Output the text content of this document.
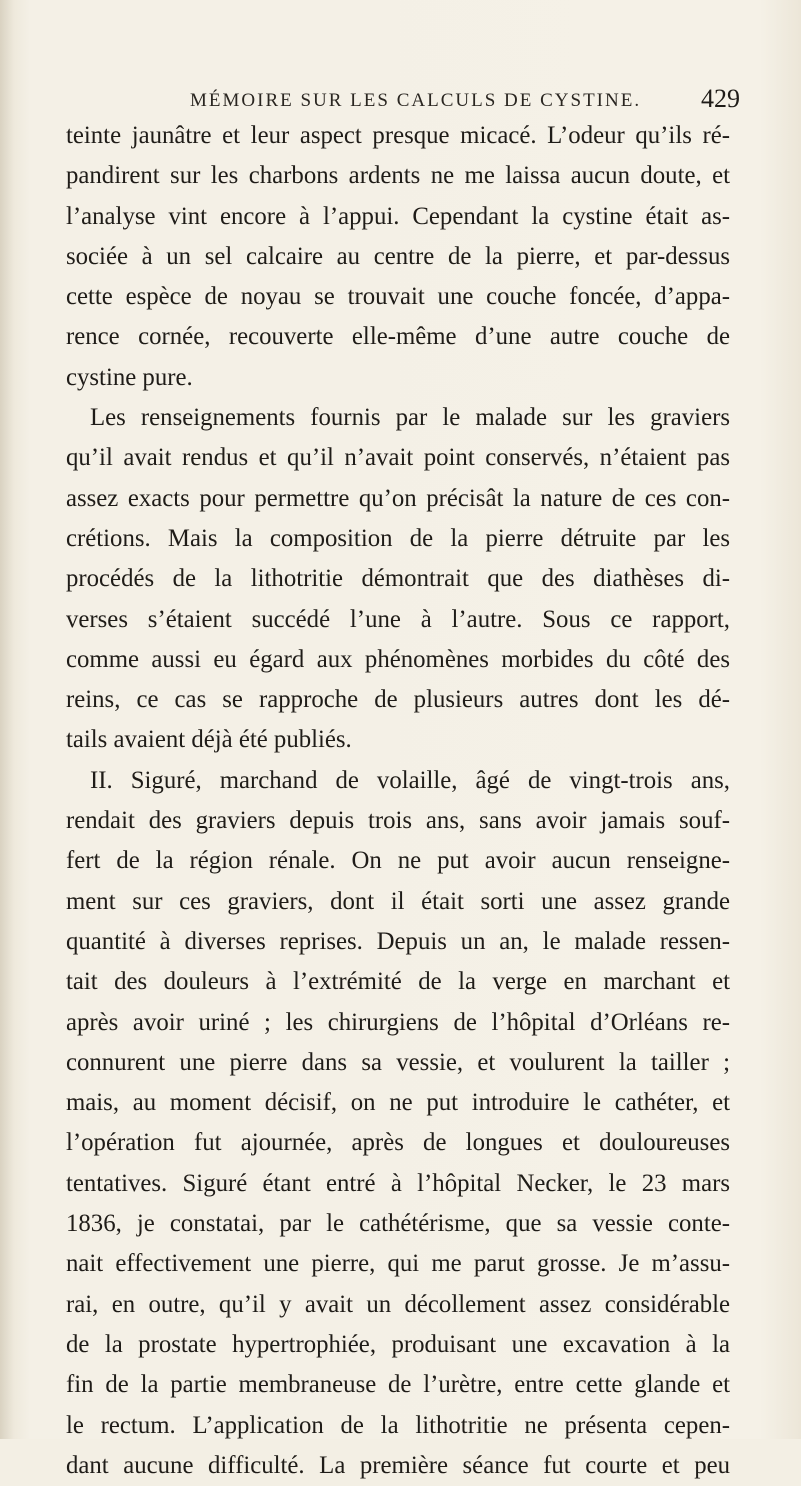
MÉMOIRE SUR LES CALCULS DE CYSTINE. 429
teinte jaunâtre et leur aspect presque micacé. L’odeur qu’ils ré-
pandirent sur les charbons ardents ne me laissa aucun doute, et
l’analyse vint encore à l’appui. Cependant la cystine était as-
sociée à un sel calcaire au centre de la pierre, et par-dessus
cette espèce de noyau se trouvait une couche foncée, d’appa-
rence cornée, recouverte elle-même d’une autre couche de
cystine pure.
Les renseignements fournis par le malade sur les graviers
qu’il avait rendus et qu’il n’avait point conservés, n’étaient pas
assez exacts pour permettre qu’on précisât la nature de ces con-
crétions. Mais la composition de la pierre détruite par les
procédés de la lithotritie démontrait que des diathèses di-
verses s’étaient succédé l’une à l’autre. Sous ce rapport,
comme aussi eu égard aux phénomènes morbides du côté des
reins, ce cas se rapproche de plusieurs autres dont les dé-
tails avaient déjà été publiés.
II. Siguré, marchand de volaille, âgé de vingt-trois ans,
rendait des graviers depuis trois ans, sans avoir jamais souf-
fert de la région rénale. On ne put avoir aucun renseigne-
ment sur ces graviers, dont il était sorti une assez grande
quantité à diverses reprises. Depuis un an, le malade ressen-
tait des douleurs à l’extrémité de la verge en marchant et
après avoir uriné ; les chirurgiens de l’hôpital d’Orléans re-
connurent une pierre dans sa vessie, et voulurent la tailler ;
mais, au moment décisif, on ne put introduire le cathéter, et
l’opération fut ajournée, après de longues et douloureuses
tentatives. Siguré étant entré à l’hôpital Necker, le 23 mars
1836, je constatai, par le cathétérisme, que sa vessie conte-
nait effectivement une pierre, qui me parut grosse. Je m’assu-
rai, en outre, qu’il y avait un décollement assez considérable
de la prostate hypertrophiée, produisant une excavation à la
fin de la partie membraneuse de l’urètre, entre cette glande et
le rectum. L’application de la lithotritie ne présenta cepen-
dant aucune difficulté. La première séance fut courte et peu
